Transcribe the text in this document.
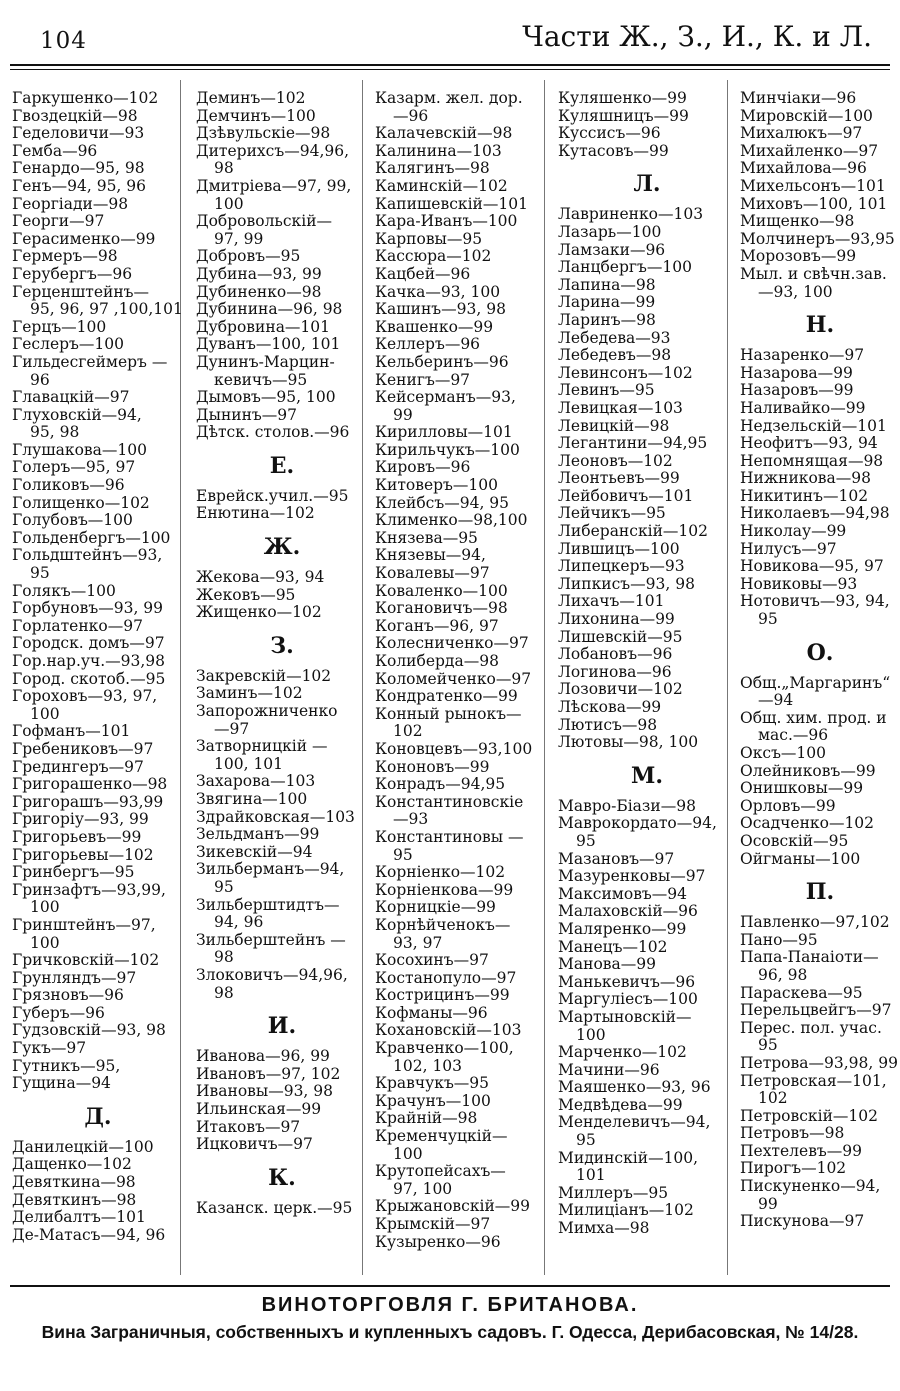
104	Части Ж., З., И., К. и Л.
Гаркушенко—102
Гвоздецкій—98
Геделовичи—93
Гемба—96
Генардо—95, 98
Генъ—94, 95, 96
Георгіади—98
Георги—97
Герасименко—99
Гермеръ—98
Герубергъ—96
Герценштейнъ—
95, 96, 97 ,100,101
Герцъ—100
Геслеръ—100
Гильдесгеймеръ —
96
Главацкій—97
Глуховскій—94,
95, 98
Глушакова—100
Голеръ—95, 97
Голиковъ—96
Голищенко—102
Голубовъ—100
Гольденбергъ—100
Гольдштейнъ—93,
95
Голякъ—100
Горбуновъ—93, 99
Горлатенко—97
Городск. домъ—97
Гор.нар.уч.—93,98
Город. скотоб.—95
Гороховъ—93, 97,
100
Гофманъ—101
Гребениковъ—97
Гредингеръ—97
Григорашенко—98
Григорашъ—93,99
Григоріу—93, 99
Григорьевъ—99
Григорьевы—102
Гринбергъ—95
Гринзафтъ—93,99,
100
Гринштейнъ—97,
100
Гричковскій—102
Грунляндъ—97
Грязновъ—96
Губеръ—96
Гудзовскій—93, 98
Гукъ—97
Гутникъ—95,
Гущина—94
Д.
Данилецкій—100
Дащенко—102
Девяткина—98
Девяткинъ—98
Делибалтъ—101
Де-Матасъ—94, 96
Деминъ—102
Демчинъ—100
Дзѣвульскіе—98
Дитерихсъ—94,96,
98
Дмитріева—97, 99,
100
Добровольскій—
97, 99
Добровъ—95
Дубина—93, 99
Дубиненко—98
Дубинина—96, 98
Дубровина—101
Дуванъ—100, 101
Дунинъ-Марцин-
кевичъ—95
Дымовъ—95, 100
Дынинъ—97
Дѣтск. столов.—96
Е.
Еврейск.учил.—95
Енютина—102
Ж.
Жекова—93, 94
Жековъ—95
Жищенко—102
З.
Закревскій—102
Заминъ—102
Запорожниченко
—97
Затворницкій —
100, 101
Захарова—103
Звягина—100
Здрайковская—103
Зельдманъ—99
Зикевскій—94
Зильберманъ—94,
95
Зильберштидтъ—
94, 96
Зильберштейнъ —
98
Злоковичъ—94,96,
98
И.
Иванова—96, 99
Ивановъ—97, 102
Ивановы—93, 98
Ильинская—99
Итаковъ—97
Ицковичъ—97
К.
Казанск. церк.—95
Казарм. жел. дор.
—96
Калачевскій—98
Калинина—103
Калягинъ—98
Каминскій—102
Капишевскій—101
Кара-Иванъ—100
Карповы—95
Кассюра—102
Кацбей—96
Качка—93, 100
Кашинъ—93, 98
Квашенко—99
Келлеръ—96
Кельберинъ—96
Кенигъ—97
Кейсерманъ—93,
99
Кирилловы—101
Кирильчукъ—100
Кировъ—96
Китоверъ—100
Клейбсъ—94, 95
Клименко—98,100
Князева—95
Князевы—94,
Ковалевы—97
Коваленко—100
Когановичъ—98
Коганъ—96, 97
Колесниченко—97
Колиберда—98
Коломейченко—97
Кондратенко—99
Конный рынокъ—
102
Коновцевъ—93,100
Кононовъ—99
Конрадъ—94,95
Константиновскіе
—93
Константиновы —
95
Корніенко—102
Корніенкова—99
Корницкіе—99
Корнѣйченокъ—
93, 97
Косохинъ—97
Костанопуло—97
Кострицинъ—99
Кофманы—96
Кохановскій—103
Кравченко—100,
102, 103
Кравчукъ—95
Крачунъ—100
Крайній—98
Кременчуцкій—
100
Крутопейсахъ—
97, 100
Крыжановскій—99
Крымскій—97
Кузыренко—96
Куляшенко—99
Куляшницъ—99
Куссисъ—96
Кутасовъ—99
Л.
Лавриненко—103
Лазарь—100
Ламзаки—96
Ланцбергъ—100
Лапина—98
Ларина—99
Ларинъ—98
Лебедева—93
Лебедевъ—98
Левинсонъ—102
Левинъ—95
Левицкая—103
Левицкій—98
Легантини—94,95
Леоновъ—102
Леонтьевъ—99
Лейбовичъ—101
Лейчикъ—95
Либеранскій—102
Лившицъ—100
Липецкеръ—93
Липкисъ—93, 98
Лихачъ—101
Лихонина—99
Лишевскій—95
Лобановъ—96
Логинова—96
Лозовичи—102
Лѣскова—99
Лютисъ—98
Лютовы—98, 100
М.
Мавро-Біази—98
Маврокордато—94,
95
Мазановъ—97
Мазуренковы—97
Максимовъ—94
Малаховскій—96
Маляренко—99
Манецъ—102
Манова—99
Манькевичъ—96
Маргуліесъ—100
Мартыновскій—
100
Марченко—102
Мачини—96
Маяшенко—93, 96
Медвѣдева—99
Менделевичъ—94,
95
Мидинскій—100,
101
Миллеръ—95
Милиціанъ—102
Мимха—98
Минчіаки—96
Мировскій—100
Михалюкъ—97
Михайленко—97
Михайлова—96
Михельсонъ—101
Миховъ—100, 101
Мищенко—98
Молчинеръ—93,95
Морозовъ—99
Мыл. и свѣчн.зав.
—93, 100
Н.
Назаренко—97
Назарова—99
Назаровъ—99
Наливайко—99
Недзельскій—101
Неофитъ—93, 94
Непомнящая—98
Нижникова—98
Никитинъ—102
Николаевъ—94,98
Николау—99
Нилусъ—97
Новикова—95, 97
Новиковы—93
Нотовичъ—93, 94,
95
О.
Общ.„Маргаринъ“
—94
Общ. хим. прод. и
мас.—96
Оксъ—100
Олейниковъ—99
Онишковы—99
Орловъ—99
Осадченко—102
Осовскій—95
Ойгманы—100
П.
Павленко—97,102
Пано—95
Папа-Панаіоти—
96, 98
Параскева—95
Перельцвейгъ—97
Перес. пол. учас.
95
Петрова—93,98, 99
Петровская—101,
102
Петровскій—102
Петровъ—98
Пехтелевъ—99
Пирогъ—102
Пискуненко—94,
99
Пискунова—97
ВИНОТОРГОВЛЯ Г. БРИТАНОВА.
Вина Заграничныя, собственныхъ и купленныхъ садовъ. Г. Одесса, Дерибасовская, № 14/28.
